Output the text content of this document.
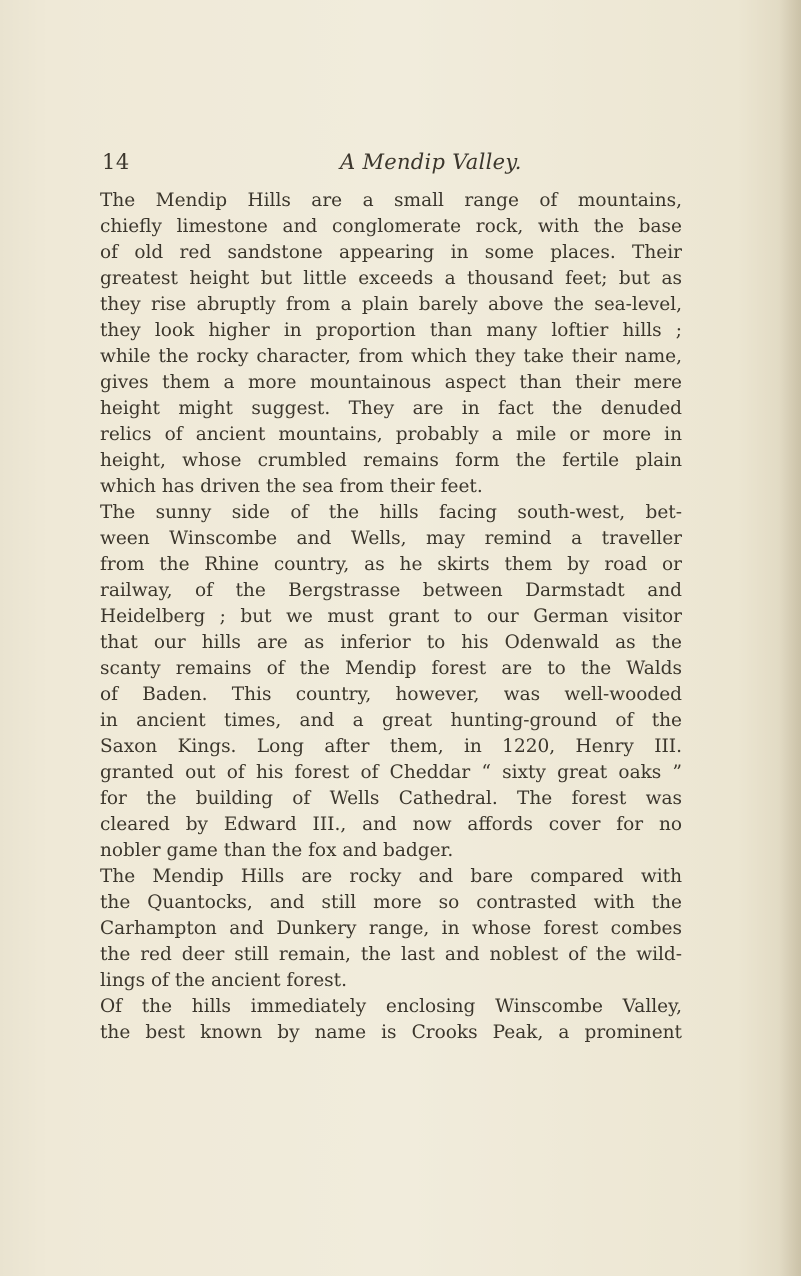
14	A Mendip Valley.
The Mendip Hills are a small range of mountains,
chiefly limestone and conglomerate rock, with the base
of old red sandstone appearing in some places. Their
greatest height but little exceeds a thousand feet; but as
they rise abruptly from a plain barely above the sea-level,
they look higher in proportion than many loftier hills ;
while the rocky character, from which they take their name,
gives them a more mountainous aspect than their mere
height might suggest. They are in fact the denuded
relics of ancient mountains, probably a mile or more in
height, whose crumbled remains form the fertile plain
which has driven the sea from their feet.
The sunny side of the hills facing south-west, bet-
ween Winscombe and Wells, may remind a traveller
from the Rhine country, as he skirts them by road or
railway, of the Bergstrasse between Darmstadt and
Heidelberg ; but we must grant to our German visitor
that our hills are as inferior to his Odenwald as the
scanty remains of the Mendip forest are to the Walds
of Baden. This country, however, was well-wooded
in ancient times, and a great hunting-ground of the
Saxon Kings. Long after them, in 1220, Henry III.
granted out of his forest of Cheddar “ sixty great oaks ”
for the building of Wells Cathedral. The forest was
cleared by Edward III., and now affords cover for no
nobler game than the fox and badger.
The Mendip Hills are rocky and bare compared with
the Quantocks, and still more so contrasted with the
Carhampton and Dunkery range, in whose forest combes
the red deer still remain, the last and noblest of the wild-
lings of the ancient forest.
Of the hills immediately enclosing Winscombe Valley,
the best known by name is Crooks Peak, a prominent
